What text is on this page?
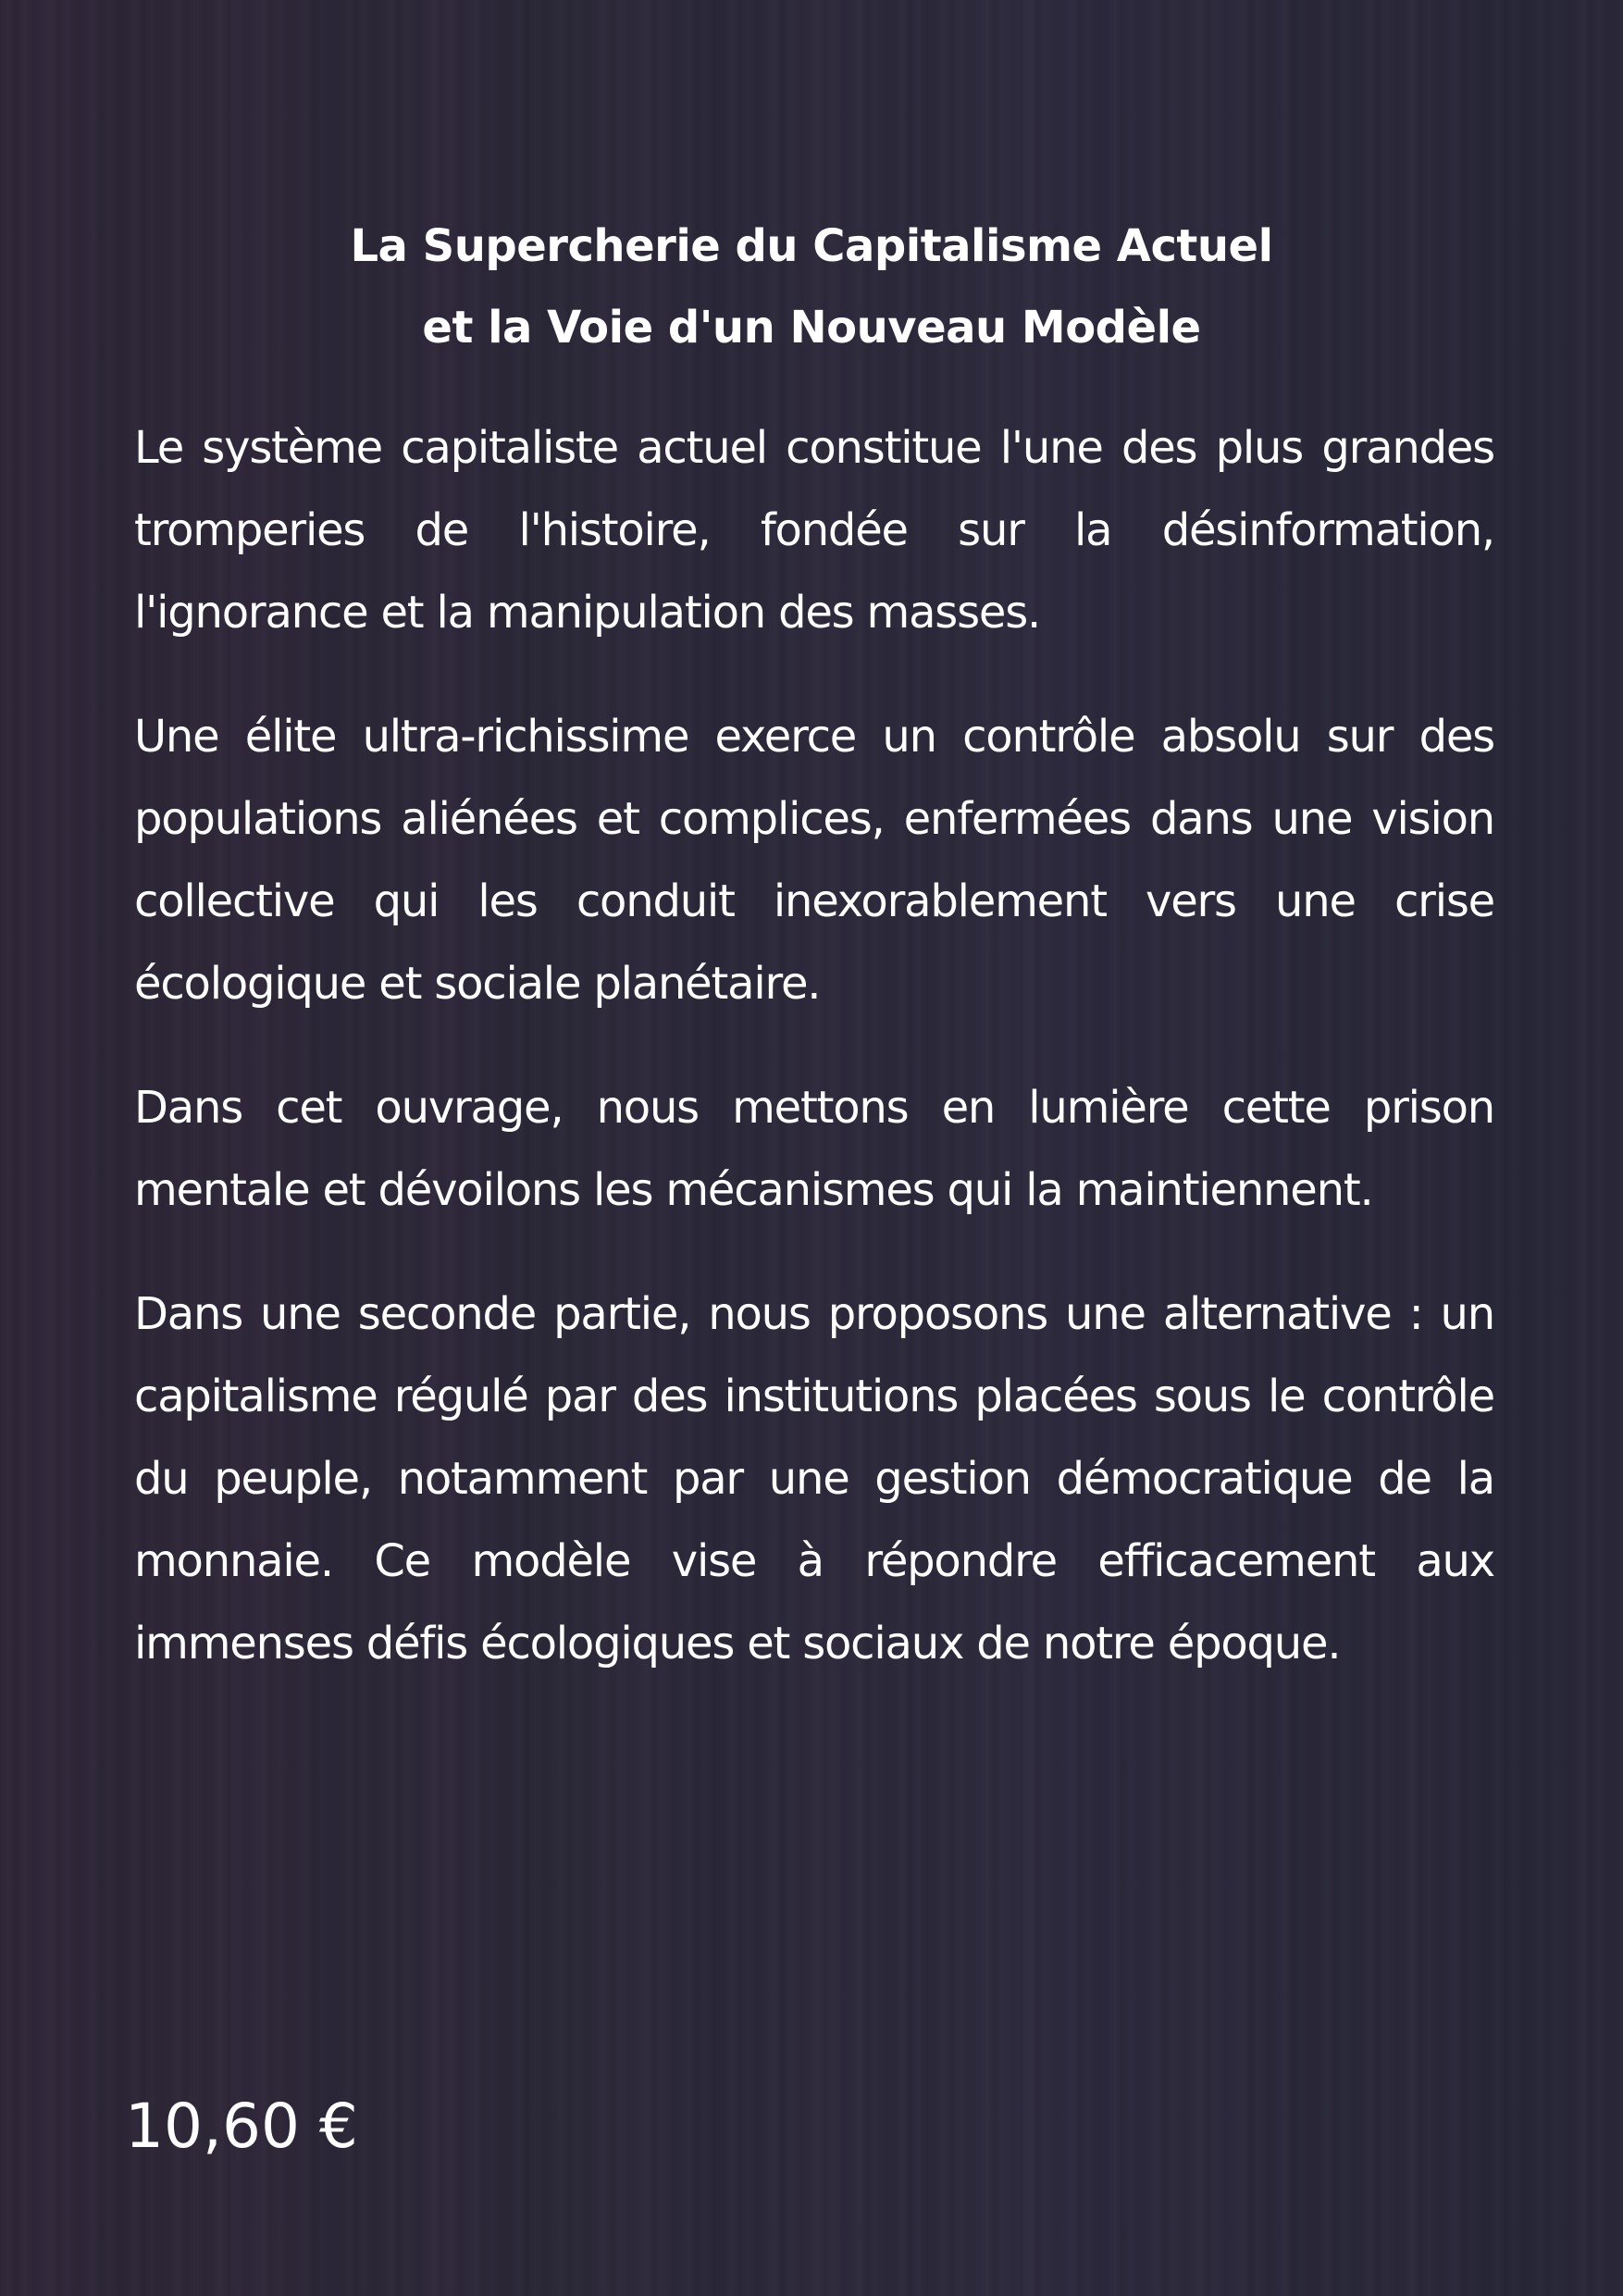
La Supercherie du Capitalisme Actuel
et la Voie d'un Nouveau Modèle

Le système capitaliste actuel constitue l'une des plus grandes tromperies de l'histoire, fondée sur la désinformation, l'ignorance et la manipulation des masses.

Une élite ultra-richissime exerce un contrôle absolu sur des populations aliénées et complices, enfermées dans une vision collective qui les conduit inexorablement vers une crise écologique et sociale planétaire.

Dans cet ouvrage, nous mettons en lumière cette prison mentale et dévoilons les mécanismes qui la maintiennent.

Dans une seconde partie, nous proposons une alternative : un capitalisme régulé par des institutions placées sous le contrôle du peuple, notamment par une gestion démocratique de la monnaie. Ce modèle vise à répondre efficacement aux immenses défis écologiques et sociaux de notre époque.

10,60 €
